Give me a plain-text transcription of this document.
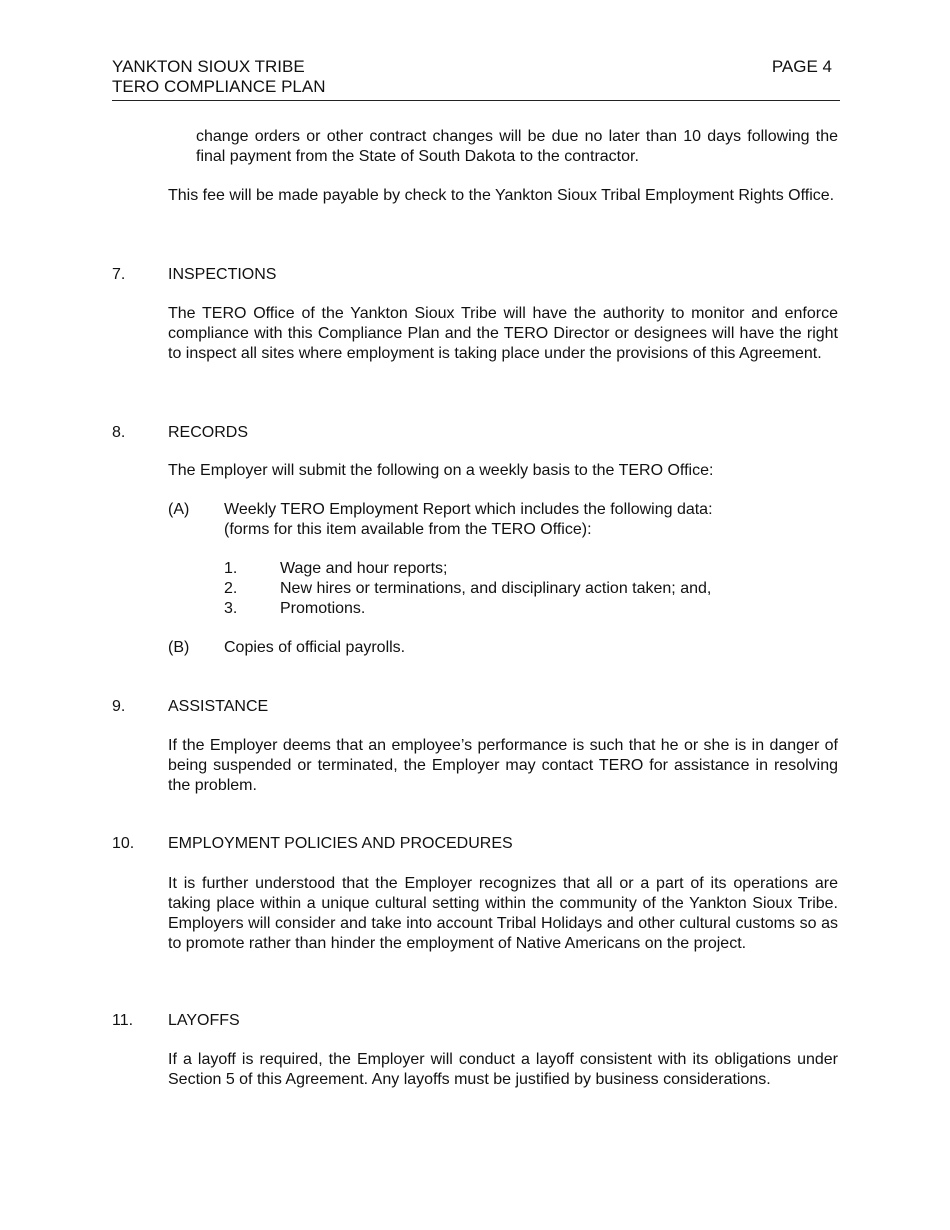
YANKTON SIOUX TRIBE
TERO COMPLIANCE PLAN
PAGE 4
change orders or other contract changes will be due no later than 10 days following the final payment from the State of South Dakota to the contractor.
This fee will be made payable by check to the Yankton Sioux Tribal Employment Rights Office.
7.	INSPECTIONS
The TERO Office of the Yankton Sioux Tribe will have the authority to monitor and enforce compliance with this Compliance Plan and the TERO Director or designees will have the right to inspect all sites where employment is taking place under the provisions of this Agreement.
8.	RECORDS
The Employer will submit the following on a weekly basis to the TERO Office:
(A) Weekly TERO Employment Report which includes the following data:
(forms for this item available from the TERO Office):
1.	Wage and hour reports;
2.	New hires or terminations, and disciplinary action taken; and,
3.	Promotions.
(B) Copies of official payrolls.
9.	ASSISTANCE
If the Employer deems that an employee’s performance is such that he or she is in danger of being suspended or terminated, the Employer may contact TERO for assistance in resolving the problem.
10. EMPLOYMENT POLICIES AND PROCEDURES
It is further understood that the Employer recognizes that all or a part of its operations are taking place within a unique cultural setting within the community of the Yankton Sioux Tribe. Employers will consider and take into account Tribal Holidays and other cultural customs so as to promote rather than hinder the employment of Native Americans on the project.
11. LAYOFFS
If a layoff is required, the Employer will conduct a layoff consistent with its obligations under Section 5 of this Agreement. Any layoffs must be justified by business considerations.
